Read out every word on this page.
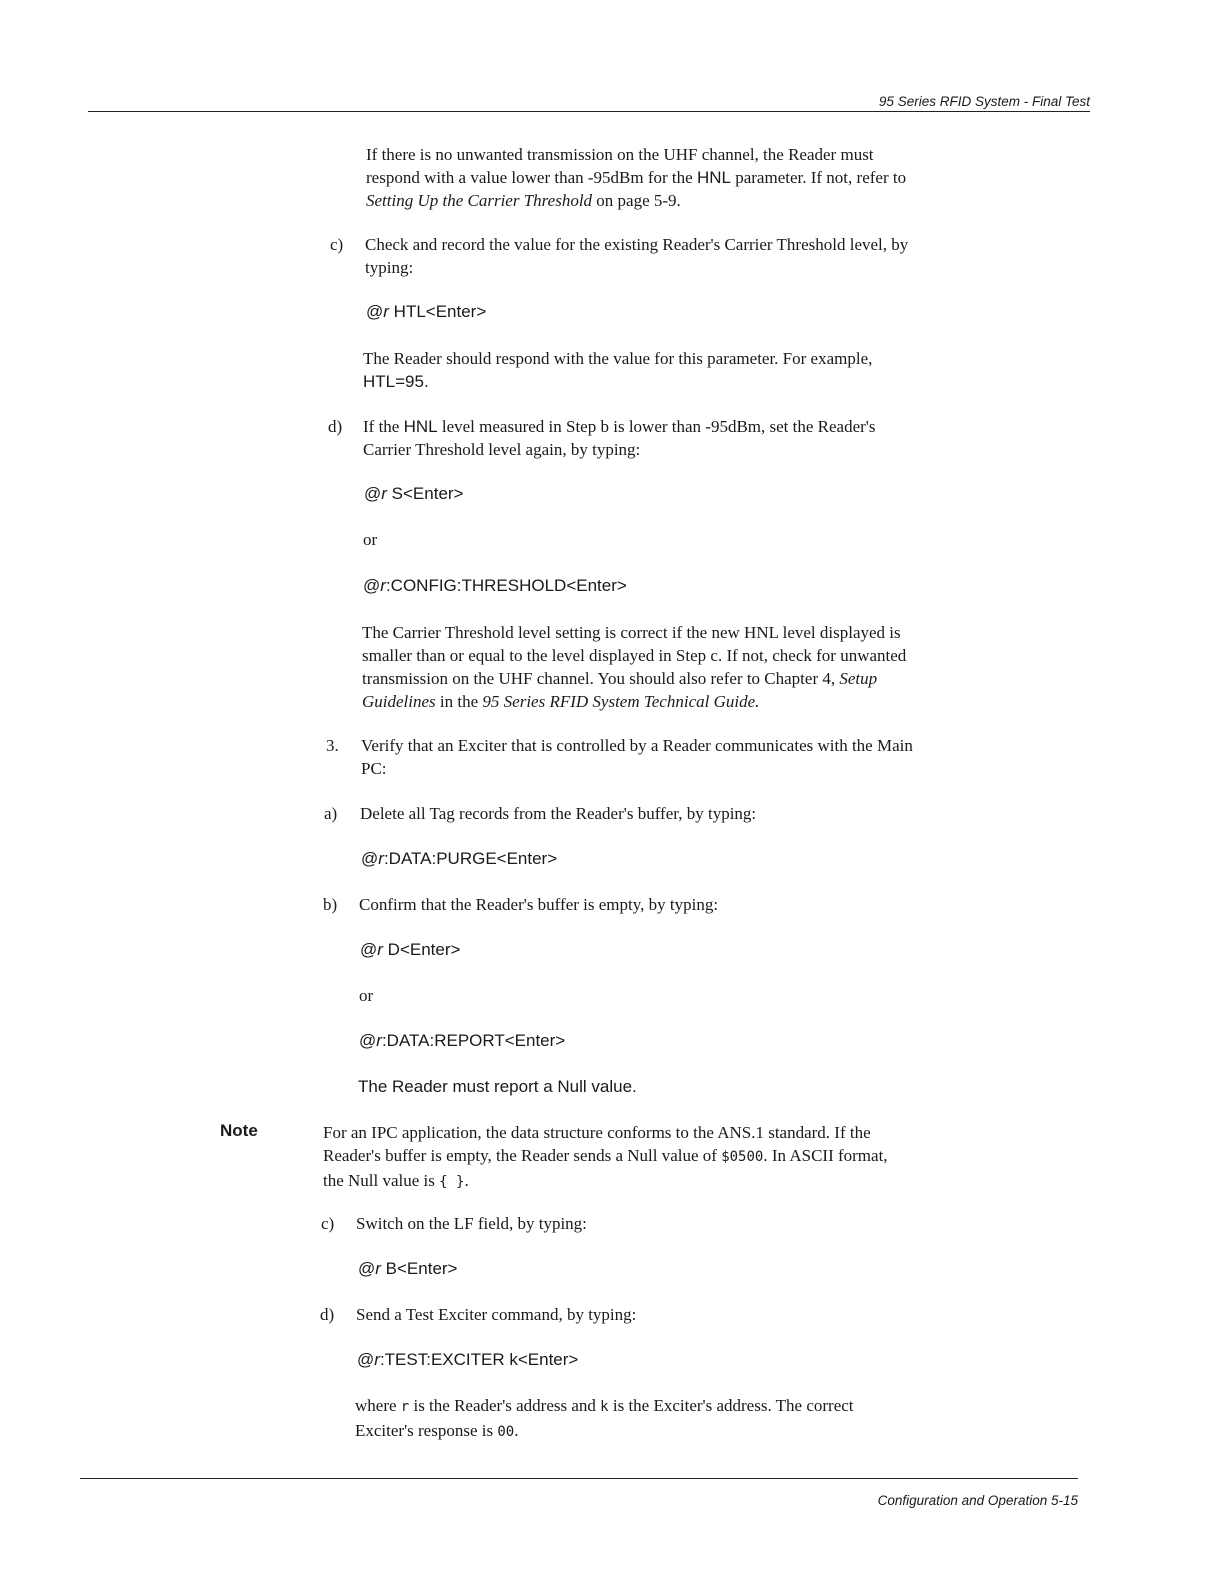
95 Series RFID System - Final Test
If there is no unwanted transmission on the UHF channel, the Reader must
respond with a value lower than -95dBm for the HNL parameter. If not, refer to
Setting Up the Carrier Threshold on page 5-9.
c) Check and record the value for the existing Reader's Carrier Threshold level, by
typing:
@r HTL<Enter>
The Reader should respond with the value for this parameter. For example,
HTL=95.
d) If the HNL level measured in Step b is lower than -95dBm, set the Reader's
Carrier Threshold level again, by typing:
@r S<Enter>
or
@r:CONFIG:THRESHOLD<Enter>
The Carrier Threshold level setting is correct if the new HNL level displayed is
smaller than or equal to the level displayed in Step c. If not, check for unwanted
transmission on the UHF channel. You should also refer to Chapter 4, Setup
Guidelines in the 95 Series RFID System Technical Guide.
3. Verify that an Exciter that is controlled by a Reader communicates with the Main
PC:
a) Delete all Tag records from the Reader's buffer, by typing:
@r:DATA:PURGE<Enter>
b) Confirm that the Reader's buffer is empty, by typing:
@r D<Enter>
or
@r:DATA:REPORT<Enter>
The Reader must report a Null value.
Note	For an IPC application, the data structure conforms to the ANS.1 standard. If the
Reader's buffer is empty, the Reader sends a Null value of $0500. In ASCII format,
the Null value is { }.
c) Switch on the LF field, by typing:
@r B<Enter>
d) Send a Test Exciter command, by typing:
@r:TEST:EXCITER k<Enter>
where r is the Reader's address and k is the Exciter's address. The correct
Exciter's response is 00.
Configuration and Operation 5-15
